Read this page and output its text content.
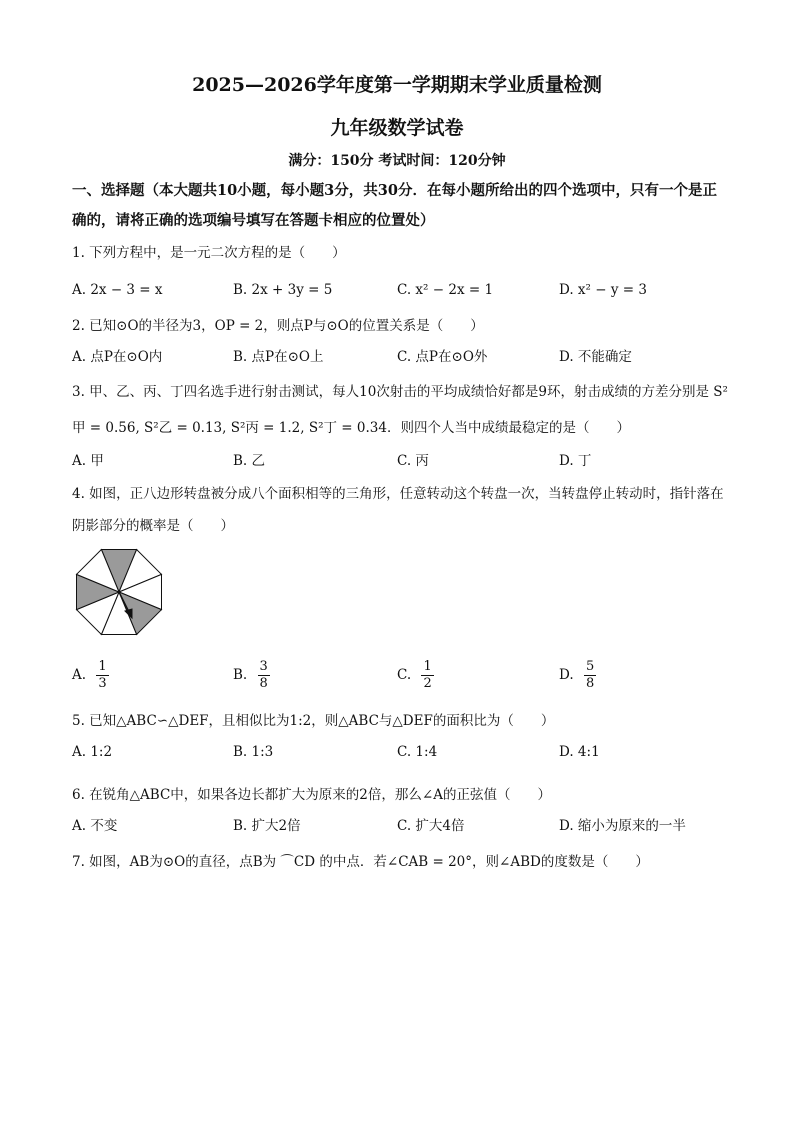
2025—2026学年度第一学期期末学业质量检测
九年级数学试卷
满分：150分 考试时间：120分钟
一、选择题（本大题共10小题，每小题3分，共30分．在每小题所给出的四个选项中，只有一个是正确的，请将正确的选项编号填写在答题卡相应的位置处）
1. 下列方程中，是一元二次方程的是（　　）
A. 2x − 3 = x	B. 2x + 3y = 5	C. x² − 2x = 1	D. x² − y = 3
2. 已知⊙O的半径为3，OP = 2，则点P与⊙O的位置关系是（　　）
A. 点P在⊙O内	B. 点P在⊙O上	C. 点P在⊙O外	D. 不能确定
3. 甲、乙、丙、丁四名选手进行射击测试，每人10次射击的平均成绩恰好都是9环，射击成绩的方差分别是 S²甲 = 0.56, S²乙 = 0.13, S²丙 = 1.2, S²丁 = 0.34．则四个人当中成绩最稳定的是（　　）
A. 甲	B. 乙	C. 丙	D. 丁
4. 如图，正八边形转盘被分成八个面积相等的三角形，任意转动这个转盘一次，当转盘停止转动时，指针落在阴影部分的概率是（　　）
A. $\frac{1}{3}$	B. $\frac{3}{8}$	C. $\frac{1}{2}$	D. $\frac{5}{8}$
5. 已知△ABC∽△DEF，且相似比为1:2，则△ABC与△DEF的面积比为（　　）
A. 1:2	B. 1:3	C. 1:4	D. 4:1
6. 在锐角△ABC中，如果各边长都扩大为原来的2倍，那么∠A的正弦值（　　）
A. 不变	B. 扩大2倍	C. 扩大4倍	D. 缩小为原来的一半
7. 如图，AB为⊙O的直径，点B为 ⌒CD 的中点．若∠CAB = 20°，则∠ABD的度数是（　　）
